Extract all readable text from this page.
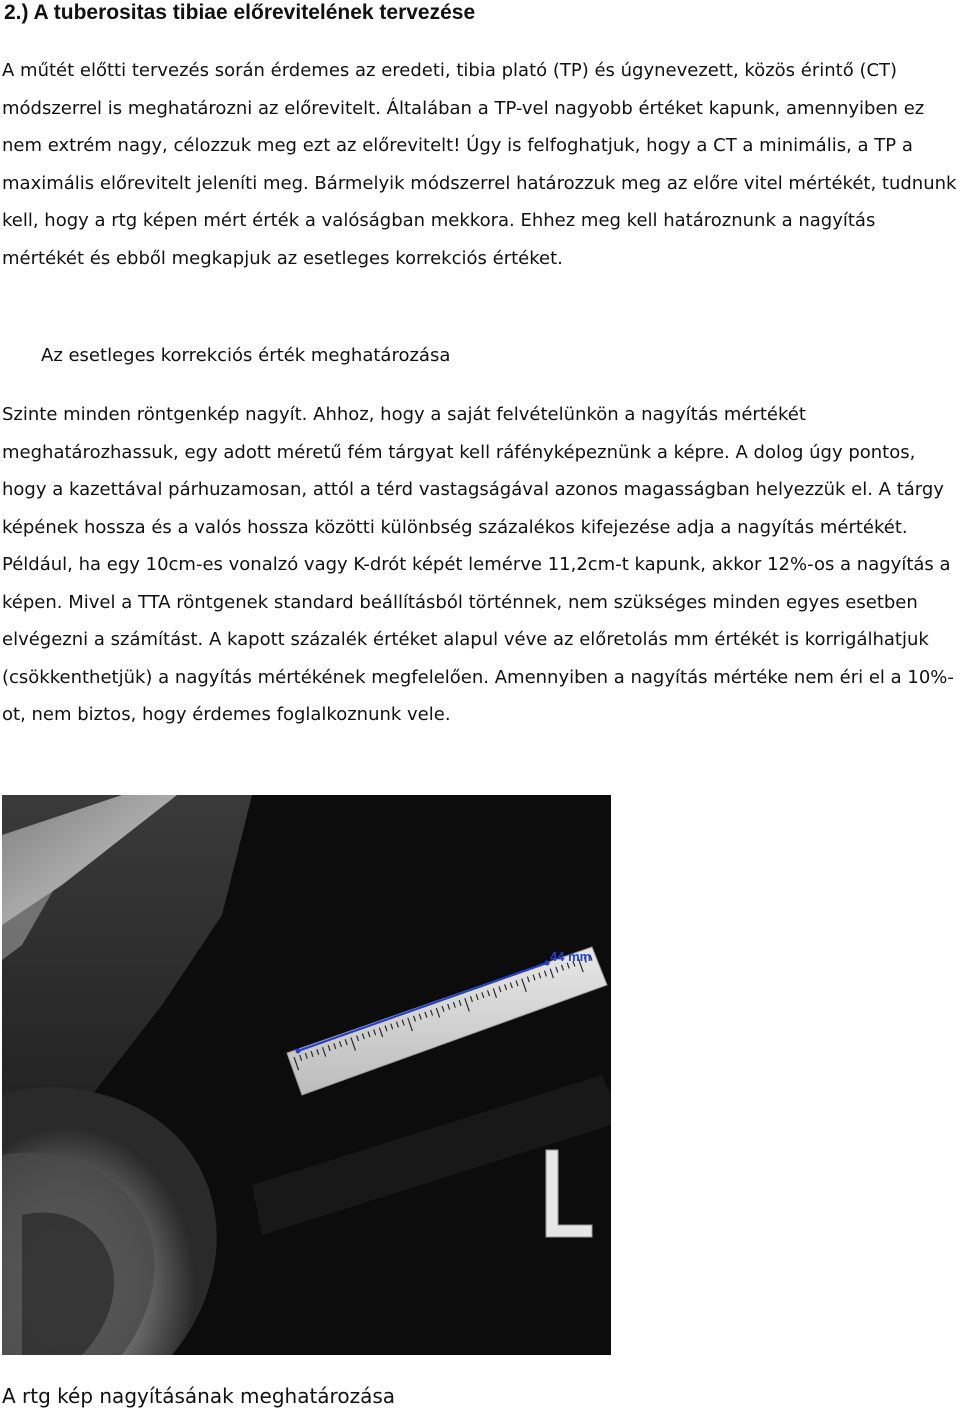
2.) A tuberositas tibiae előrevitelének tervezése

A műtét előtti tervezés során érdemes az eredeti, tibia plató (TP) és úgynevezett, közös érintő (CT) módszerrel is meghatározni az előrevitelt. Általában a TP-vel nagyobb értéket kapunk, amennyiben ez nem extrém nagy, célozzuk meg ezt az előrevitelt! Úgy is felfoghatjuk, hogy a CT a minimális, a TP a maximális előrevitelt jeleníti meg. Bármelyik módszerrel határozzuk meg az előre vitel mértékét, tudnunk kell, hogy a rtg képen mért érték a valóságban mekkora. Ehhez meg kell határoznunk a nagyítás mértékét és ebből megkapjuk az esetleges korrekciós értéket.

Az esetleges korrekciós érték meghatározása

Szinte minden röntgenkép nagyít. Ahhoz, hogy a saját felvételünkön a nagyítás mértékét meghatározhassuk, egy adott méretű fém tárgyat kell ráfényképeznünk a képre. A dolog úgy pontos, hogy a kazettával párhuzamosan, attól a térd vastagságával azonos magasságban helyezzük el. A tárgy képének hossza és a valós hossza közötti különbség százalékos kifejezése adja a nagyítás mértékét. Például, ha egy 10cm-es vonalzó vagy K-drót képét lemérve 11,2cm-t kapunk, akkor 12%-os a nagyítás a képen. Mivel a TTA röntgenek standard beállításból történnek, nem szükséges minden egyes esetben elvégezni a számítást. A kapott százalék értéket alapul véve az előretolás mm értékét is korrigálhatjuk (csökkenthetjük) a nagyítás mértékének megfelelően. Amennyiben a nagyítás mértéke nem éri el a 10%-ot, nem biztos, hogy érdemes foglalkoznunk vele.

44 mm

A rtg kép nagyításának meghatározása
